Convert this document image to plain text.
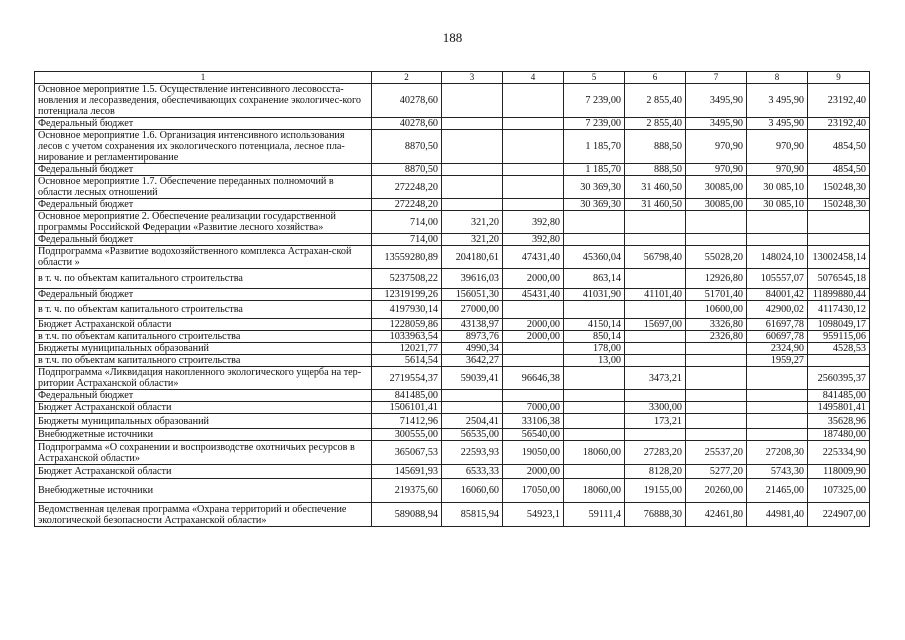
188
1	2	3	4	5	6	7	8	9
Основное мероприятие 1.5. Осуществление интенсивного лесовосста-новления и лесоразведения, обеспечивающих сохранение экологичес-кого потенциала лесов	40278,60			7 239,00	2 855,40	3495,90	3 495,90	23192,40
Федеральный бюджет	40278,60			7 239,00	2 855,40	3495,90	3 495,90	23192,40
Основное мероприятие 1.6. Организация интенсивного использования лесов с учетом сохранения их экологического потенциала, лесное пла-нирование и регламентирование	8870,50			1 185,70	888,50	970,90	970,90	4854,50
Федеральный бюджет	8870,50			1 185,70	888,50	970,90	970,90	4854,50
Основное мероприятие 1.7. Обеспечение переданных полномочий в области лесных отношений	272248,20			30 369,30	31 460,50	30085,00	30 085,10	150248,30
Федеральный бюджет	272248,20			30 369,30	31 460,50	30085,00	30 085,10	150248,30
Основное мероприятие 2. Обеспечение реализации государственной программы Российской Федерации «Развитие лесного хозяйства»	714,00	321,20	392,80					
Федеральный бюджет	714,00	321,20	392,80					
Подпрограмма «Развитие водохозяйственного комплекса Астрахан-ской области »	13559280,89	204180,61	47431,40	45360,04	56798,40	55028,20	148024,10	13002458,14
в т. ч. по объектам капитального строительства	5237508,22	39616,03	2000,00	863,14		12926,80	105557,07	5076545,18
Федеральный бюджет	12319199,26	156051,30	45431,40	41031,90	41101,40	51701,40	84001,42	11899880,44
в т. ч. по объектам капитального строительства	4197930,14	27000,00				10600,00	42900,02	4117430,12
Бюджет Астраханской области	1228059,86	43138,97	2000,00	4150,14	15697,00	3326,80	61697,78	1098049,17
в т.ч. по объектам капитального строительства	1033963,54	8973,76	2000,00	850,14		2326,80	60697,78	959115,06
Бюджеты муниципальных образований	12021,77	4990,34		178,00			2324,90	4528,53
в т.ч. по объектам капитального строительства	5614,54	3642,27		13,00			1959,27	
Подпрограмма «Ликвидация накопленного экологического ущерба на тер-ритории Астраханской области»	2719554,37	59039,41	96646,38		3473,21			2560395,37
Федеральный бюджет	841485,00							841485,00
Бюджет Астраханской области	1506101,41		7000,00		3300,00			1495801,41
Бюджеты муниципальных образований	71412,96	2504,41	33106,38		173,21			35628,96
Внебюджетные источники	300555,00	56535,00	56540,00					187480,00
Подпрограмма «О сохранении и воспроизводстве охотничьих ресурсов в Астраханской области»	365067,53	22593,93	19050,00	18060,00	27283,20	25537,20	27208,30	225334,90
Бюджет Астраханской области	145691,93	6533,33	2000,00		8128,20	5277,20	5743,30	118009,90
Внебюджетные источники	219375,60	16060,60	17050,00	18060,00	19155,00	20260,00	21465,00	107325,00
Ведомственная целевая программа «Охрана территорий и обеспечение экологической безопасности Астраханской области»	589088,94	85815,94	54923,1	59111,4	76888,30	42461,80	44981,40	224907,00
